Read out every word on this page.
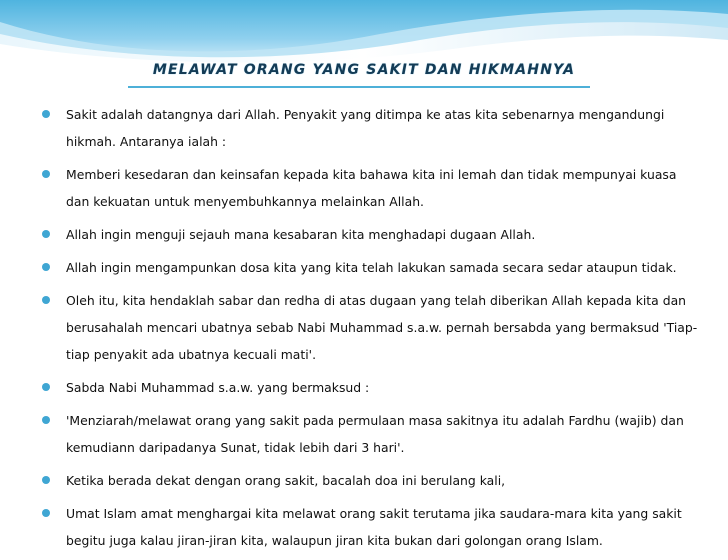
MELAWAT ORANG YANG SAKIT DAN HIKMAHNYA
Sakit adalah datangnya dari Allah. Penyakit yang ditimpa ke atas kita sebenarnya mengandungi hikmah. Antaranya ialah :
Memberi kesedaran dan keinsafan kepada kita bahawa kita ini lemah dan tidak mempunyai kuasa dan kekuatan untuk menyembuhkannya melainkan Allah.
Allah ingin menguji sejauh mana kesabaran kita menghadapi dugaan Allah.
Allah ingin mengampunkan dosa kita yang kita telah lakukan samada secara sedar ataupun tidak.
Oleh itu, kita hendaklah sabar dan redha di atas dugaan yang telah diberikan Allah kepada kita dan berusahalah mencari ubatnya sebab Nabi Muhammad s.a.w. pernah bersabda yang bermaksud 'Tiap-tiap penyakit ada ubatnya kecuali mati'.
Sabda Nabi Muhammad s.a.w. yang bermaksud :
'Menziarah/melawat orang yang sakit pada permulaan masa sakitnya itu adalah Fardhu (wajib) dan kemudiann daripadanya Sunat, tidak lebih dari 3 hari'.
Ketika berada dekat dengan orang sakit, bacalah doa ini berulang kali,
Umat Islam amat menghargai kita melawat orang sakit terutama jika saudara-mara kita yang sakit begitu juga kalau jiran-jiran kita, walaupun jiran kita bukan dari golongan orang Islam.
